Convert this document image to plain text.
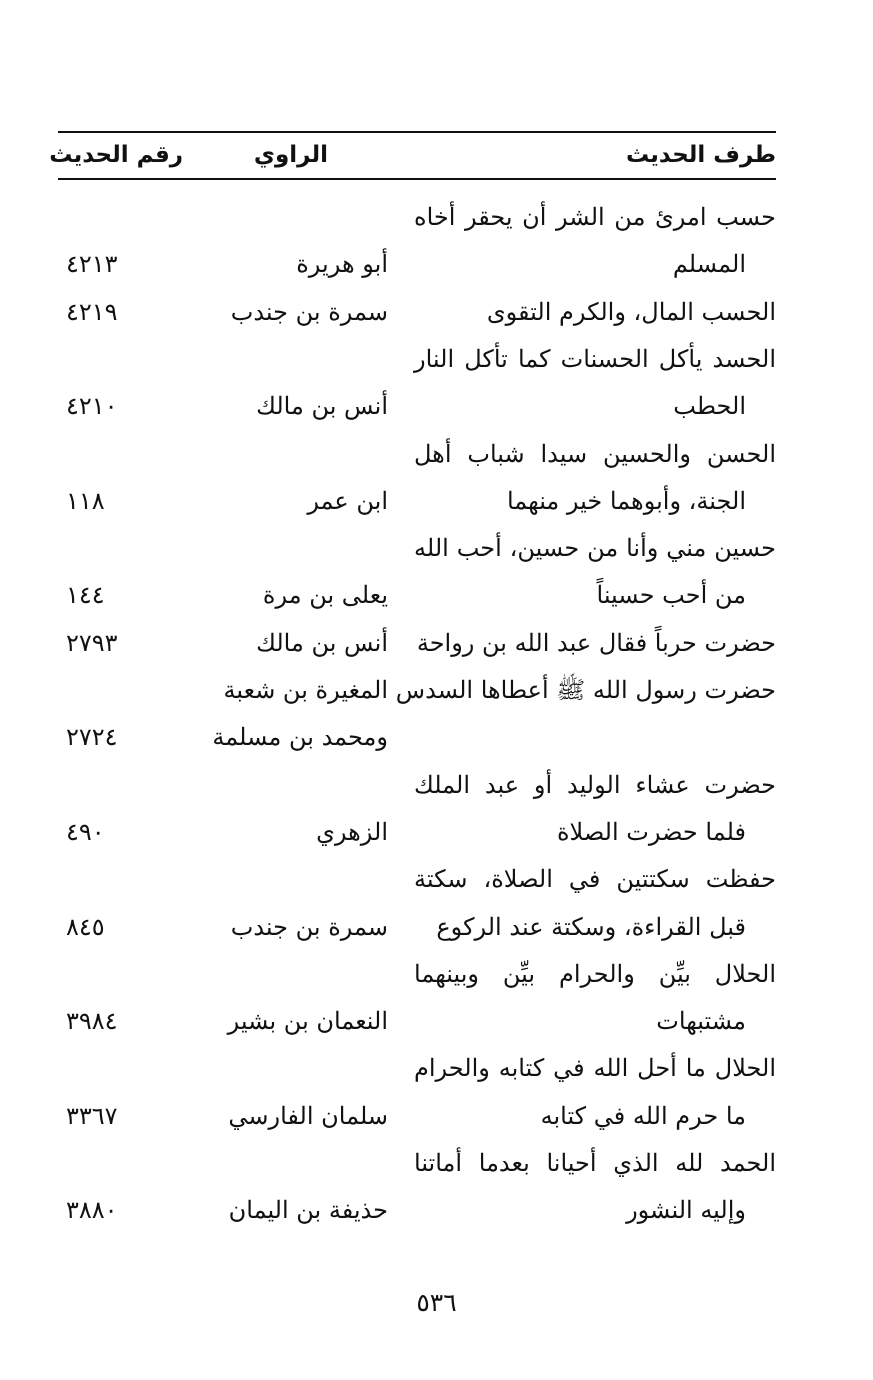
طرف الحديث
الراوي
رقم الحديث
حسب امرئ من الشر أن يحقر أخاه
المسلم
أبو هريرة
٤٢١٣
الحسب المال، والكرم التقوى
سمرة بن جندب
٤٢١٩
الحسد يأكل الحسنات كما تأكل النار
الحطب
أنس بن مالك
٤٢١٠
الحسن والحسين سيدا شباب أهل
الجنة، وأبوهما خير منهما
ابن عمر
١١٨
حسين مني وأنا من حسين، أحب الله
من أحب حسيناً
يعلى بن مرة
١٤٤
حضرت حرباً فقال عبد الله بن رواحة
أنس بن مالك
٢٧٩٣
حضرت رسول الله ﷺ أعطاها السدس
المغيرة بن شعبة
ومحمد بن مسلمة
٢٧٢٤
حضرت عشاء الوليد أو عبد الملك
فلما حضرت الصلاة
الزهري
٤٩٠
حفظت سكتتين في الصلاة، سكتة
قبل القراءة، وسكتة عند الركوع
سمرة بن جندب
٨٤٥
الحلال بيِّن والحرام بيِّن وبينهما
مشتبهات
النعمان بن بشير
٣٩٨٤
الحلال ما أحل الله في كتابه والحرام
ما حرم الله في كتابه
سلمان الفارسي
٣٣٦٧
الحمد لله الذي أحيانا بعدما أماتنا
وإليه النشور
حذيفة بن اليمان
٣٨٨٠
٥٣٦
